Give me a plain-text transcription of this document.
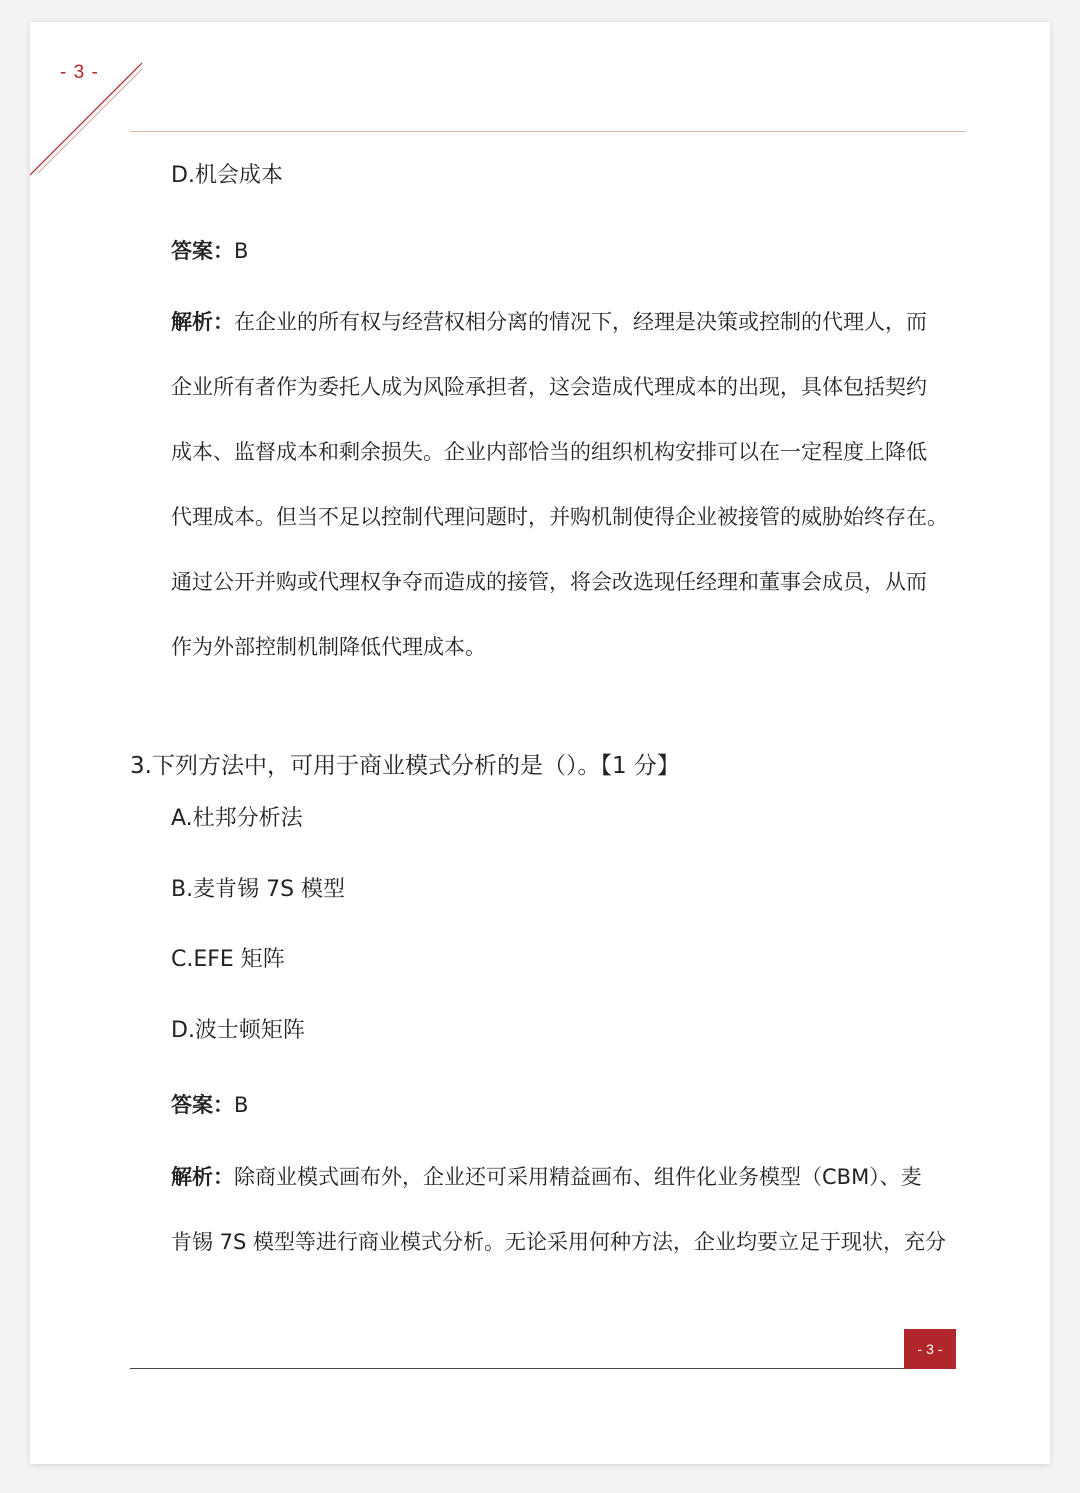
- 3 -
D.机会成本
答案：B
解析：在企业的所有权与经营权相分离的情况下，经理是决策或控制的代理人，而
企业所有者作为委托人成为风险承担者，这会造成代理成本的出现，具体包括契约
成本、监督成本和剩余损失。企业内部恰当的组织机构安排可以在一定程度上降低
代理成本。但当不足以控制代理问题时，并购机制使得企业被接管的威胁始终存在。
通过公开并购或代理权争夺而造成的接管，将会改选现任经理和董事会成员，从而
作为外部控制机制降低代理成本。
3.下列方法中，可用于商业模式分析的是（）。【1 分】
A.杜邦分析法
B.麦肯锡 7S 模型
C.EFE 矩阵
D.波士顿矩阵
答案：B
解析：除商业模式画布外，企业还可采用精益画布、组件化业务模型（CBM）、麦
肯锡 7S 模型等进行商业模式分析。无论采用何种方法，企业均要立足于现状，充分
- 3 -
